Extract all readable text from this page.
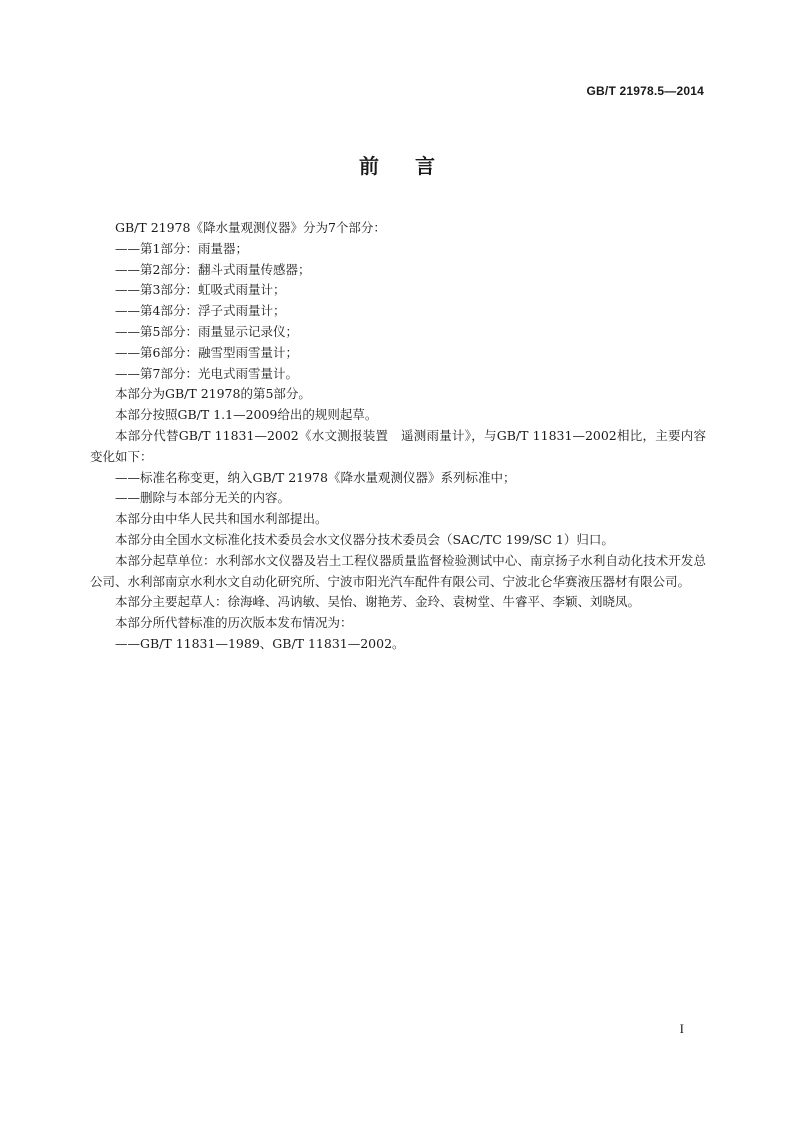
GB/T 21978.5—2014
前言

GB/T 21978《降水量观测仪器》分为7个部分：

——第1部分：雨量器；

——第2部分：翻斗式雨量传感器；

——第3部分：虹吸式雨量计；

——第4部分：浮子式雨量计；

——第5部分：雨量显示记录仪；

——第6部分：融雪型雨雪量计；

——第7部分：光电式雨雪量计。

本部分为GB/T 21978的第5部分。

本部分按照GB/T 1.1—2009给出的规则起草。

本部分代替GB/T 11831—2002《水文测报装置　遥测雨量计》，与GB/T 11831—2002相比，主要内容变化如下：

——标准名称变更，纳入GB/T 21978《降水量观测仪器》系列标准中；

——删除与本部分无关的内容。

本部分由中华人民共和国水利部提出。

本部分由全国水文标准化技术委员会水文仪器分技术委员会（SAC/TC 199/SC 1）归口。

本部分起草单位：水利部水文仪器及岩土工程仪器质量监督检验测试中心、南京扬子水利自动化技术开发总公司、水利部南京水利水文自动化研究所、宁波市阳光汽车配件有限公司、宁波北仑华赛液压器材有限公司。

本部分主要起草人：徐海峰、冯讷敏、吴怡、谢艳芳、金玲、袁树堂、牛睿平、李颖、刘晓凤。

本部分所代替标准的历次版本发布情况为：

——GB/T 11831—1989、GB/T 11831—2002。

I
